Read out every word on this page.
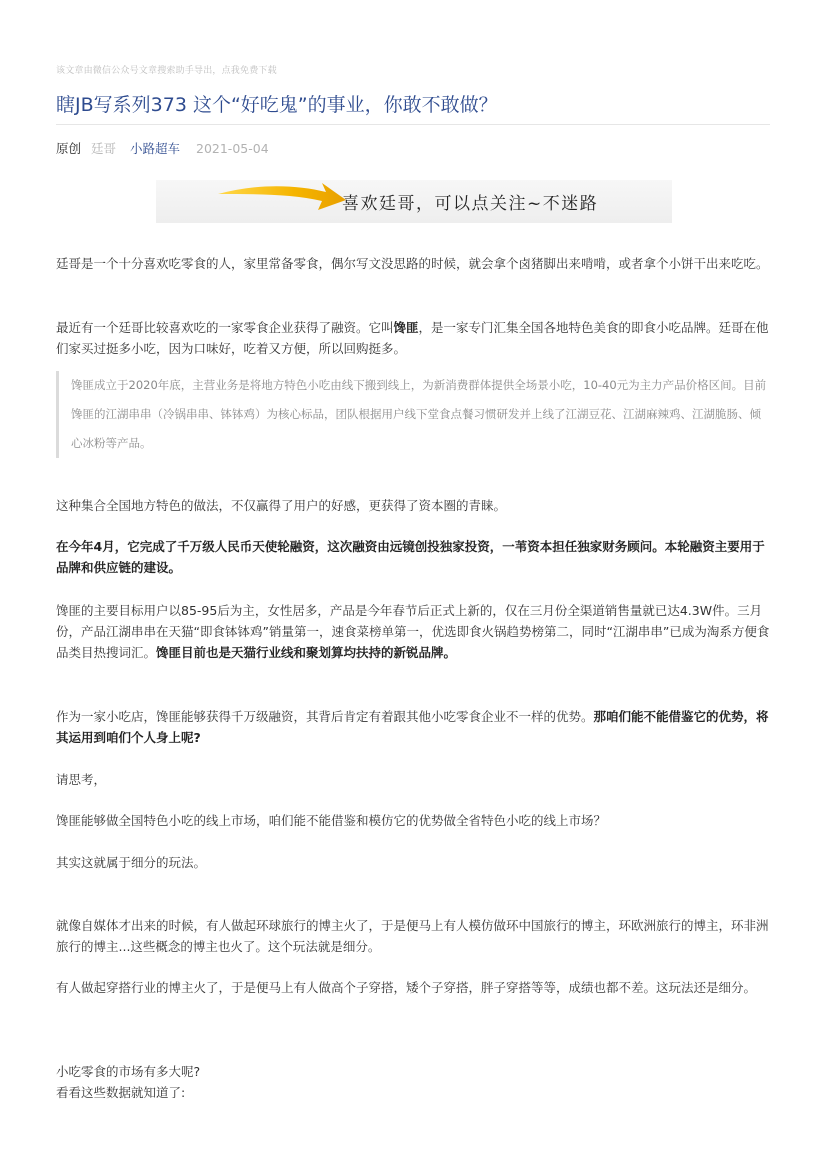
该文章由微信公众号文章搜索助手导出，点我免费下载
瞎JB写系列373 这个“好吃鬼”的事业，你敢不敢做？
原创 廷哥 小路超车 2021-05-04
喜欢廷哥，可以点关注~不迷路

廷哥是一个十分喜欢吃零食的人，家里常备零食，偶尔写文没思路的时候，就会拿个卤猪脚出来啃啃，或者拿个小饼干出来吃吃。

最近有一个廷哥比较喜欢吃的一家零食企业获得了融资。它叫馋匪，是一家专门汇集全国各地特色美食的即食小吃品牌。廷哥在他们家买过挺多小吃，因为口味好，吃着又方便，所以回购挺多。

馋匪成立于2020年底，主营业务是将地方特色小吃由线下搬到线上，为新消费群体提供全场景小吃，10-40元为主力产品价格区间。目前馋匪的江湖串串（冷锅串串、钵钵鸡）为核心标品，团队根据用户线下堂食点餐习惯研发并上线了江湖豆花、江湖麻辣鸡、江湖脆肠、倾心冰粉等产品。

这种集合全国地方特色的做法，不仅赢得了用户的好感，更获得了资本圈的青睐。

在今年4月，它完成了千万级人民币天使轮融资，这次融资由远镜创投独家投资，一苇资本担任独家财务顾问。本轮融资主要用于品牌和供应链的建设。

馋匪的主要目标用户以85-95后为主，女性居多，产品是今年春节后正式上新的，仅在三月份全渠道销售量就已达4.3W件。三月份，产品江湖串串在天猫“即食钵钵鸡”销量第一，速食菜榜单第一，优选即食火锅趋势榜第二，同时“江湖串串”已成为淘系方便食品类目热搜词汇。馋匪目前也是天猫行业线和聚划算均扶持的新锐品牌。

作为一家小吃店，馋匪能够获得千万级融资，其背后肯定有着跟其他小吃零食企业不一样的优势。那咱们能不能借鉴它的优势，将其运用到咱们个人身上呢?

请思考，

馋匪能够做全国特色小吃的线上市场，咱们能不能借鉴和模仿它的优势做全省特色小吃的线上市场？

其实这就属于细分的玩法。

就像自媒体才出来的时候，有人做起环球旅行的博主火了，于是便马上有人模仿做环中国旅行的博主，环欧洲旅行的博主，环非洲旅行的博主...这些概念的博主也火了。这个玩法就是细分。

有人做起穿搭行业的博主火了，于是便马上有人做高个子穿搭，矮个子穿搭，胖子穿搭等等，成绩也都不差。这玩法还是细分。

小吃零食的市场有多大呢?
看看这些数据就知道了:
